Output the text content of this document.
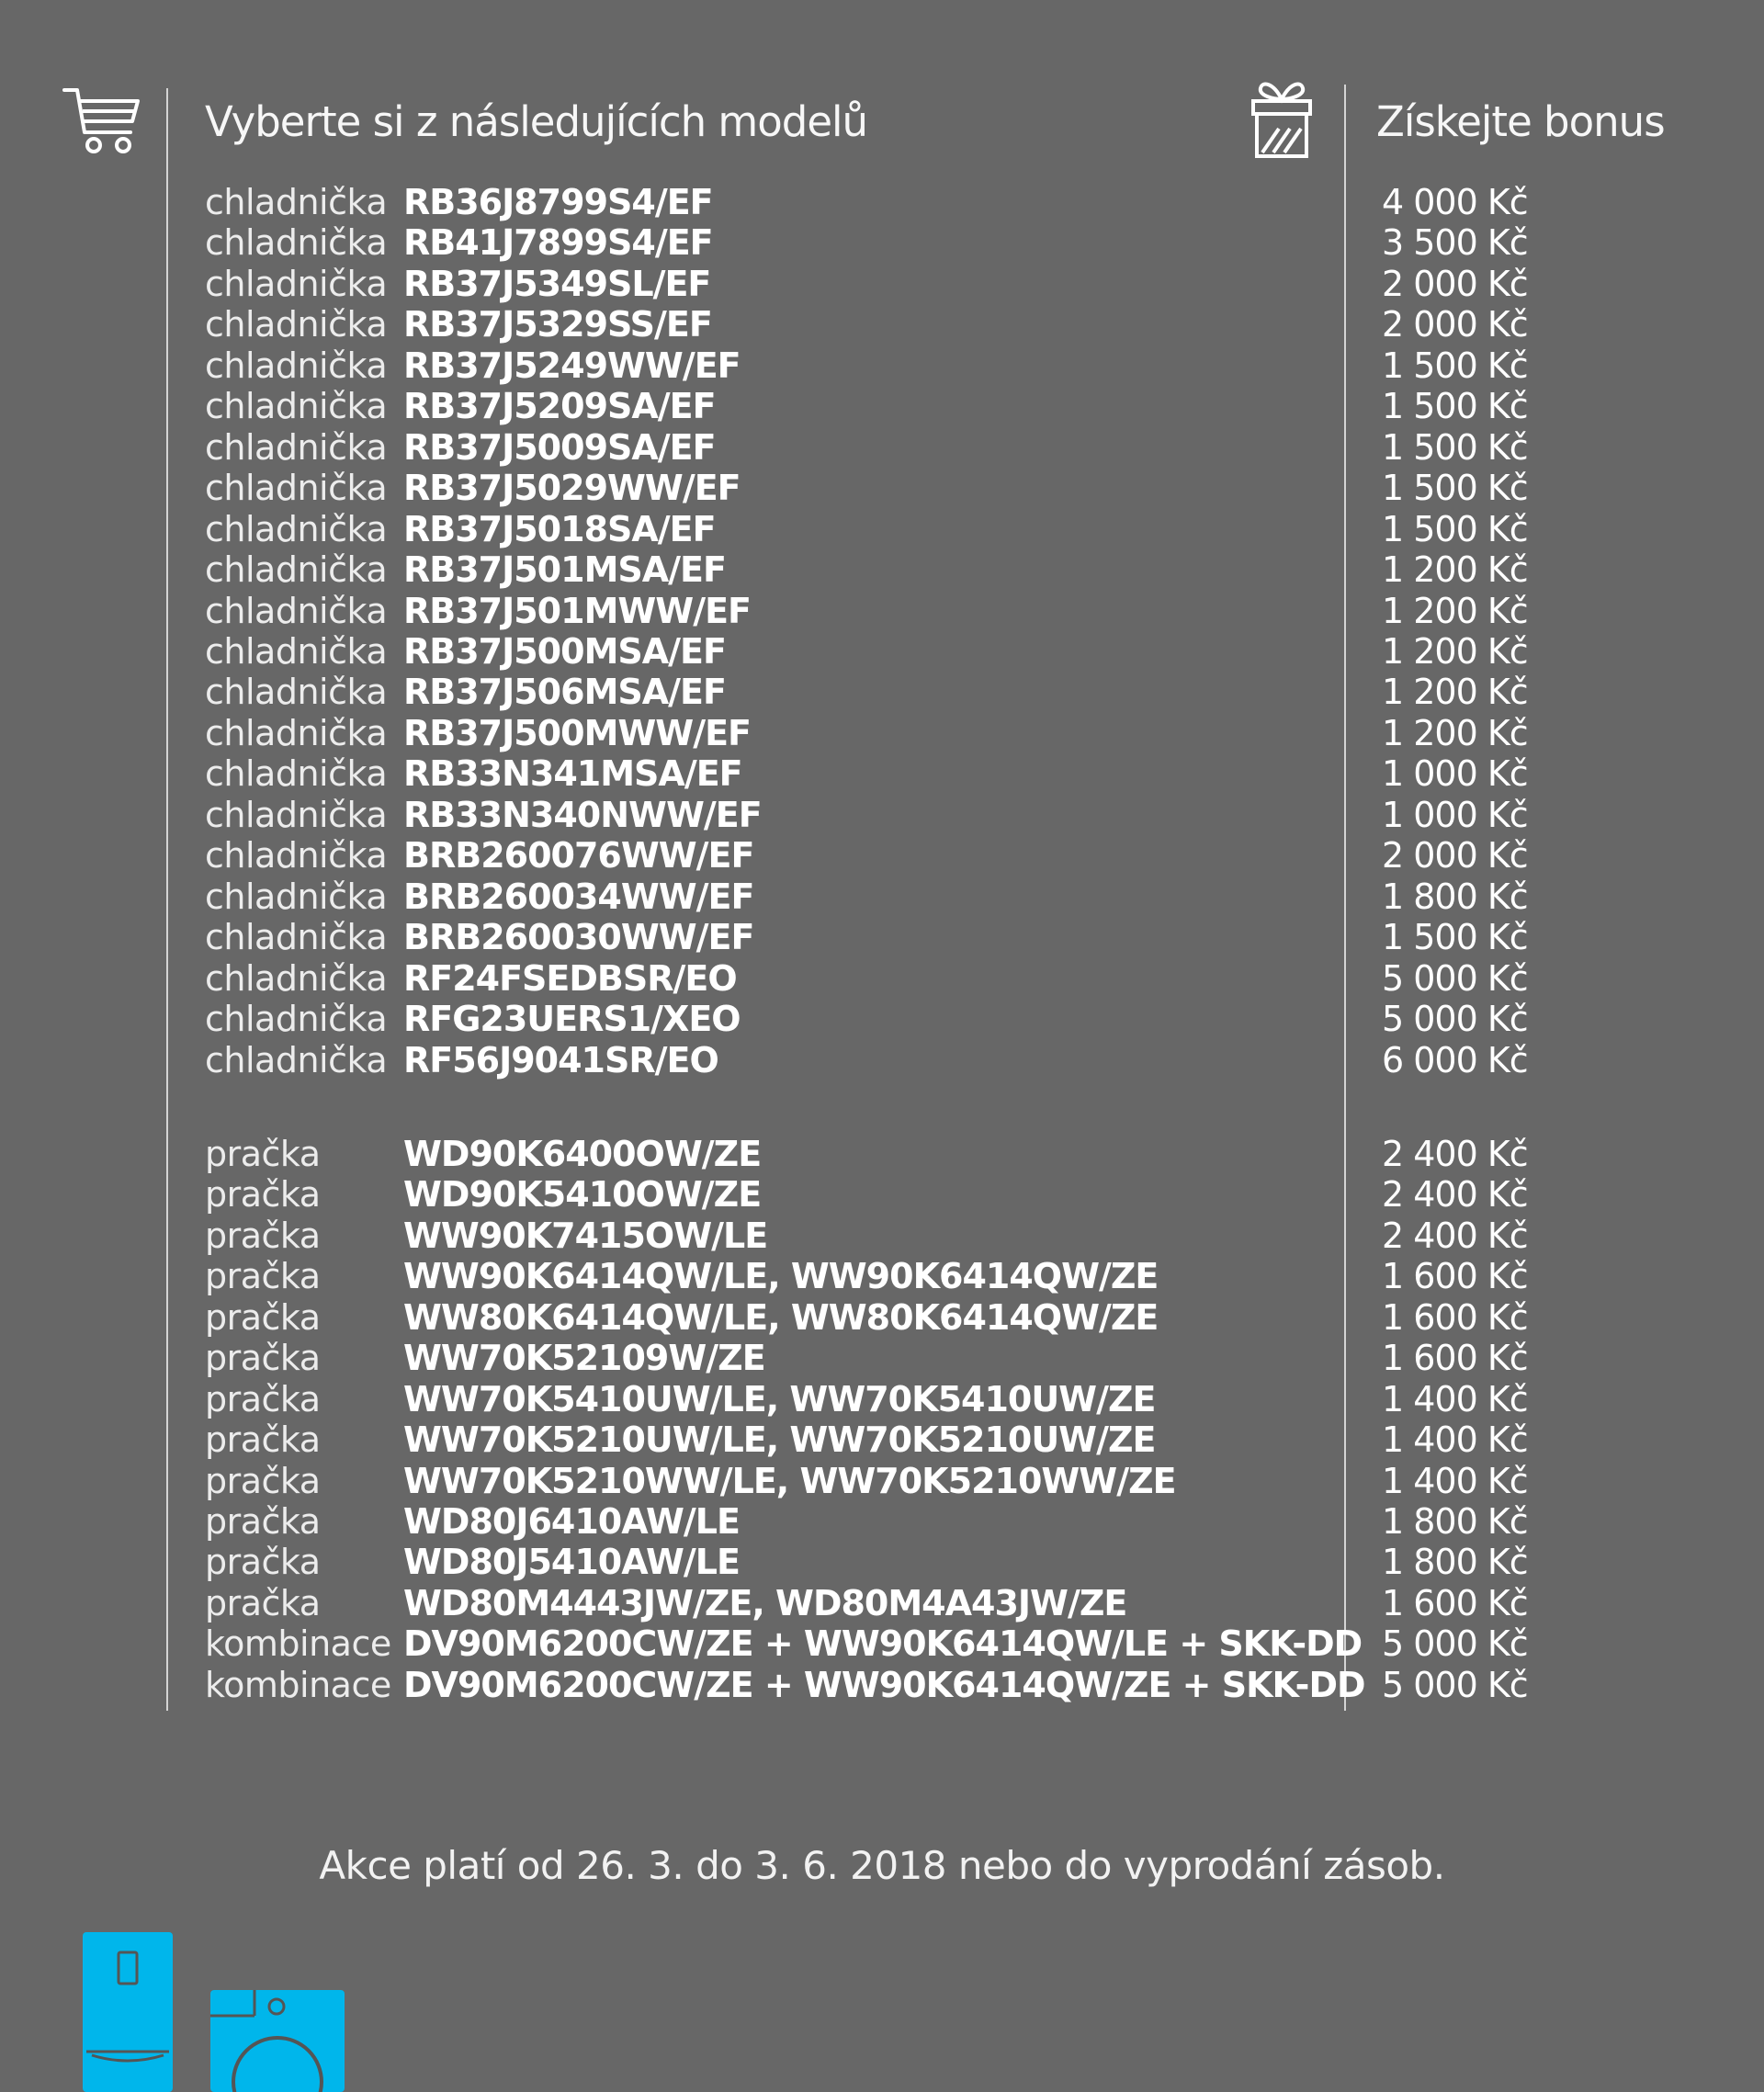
Vyberte si z následujících modelů	Získejte bonus
chladnička RB36J8799S4/EF	4 000 Kč
chladnička RB41J7899S4/EF	3 500 Kč
chladnička RB37J5349SL/EF	2 000 Kč
chladnička RB37J5329SS/EF	2 000 Kč
chladnička RB37J5249WW/EF	1 500 Kč
chladnička RB37J5209SA/EF	1 500 Kč
chladnička RB37J5009SA/EF	1 500 Kč
chladnička RB37J5029WW/EF	1 500 Kč
chladnička RB37J5018SA/EF	1 500 Kč
chladnička RB37J501MSA/EF	1 200 Kč
chladnička RB37J501MWW/EF	1 200 Kč
chladnička RB37J500MSA/EF	1 200 Kč
chladnička RB37J506MSA/EF	1 200 Kč
chladnička RB37J500MWW/EF	1 200 Kč
chladnička RB33N341MSA/EF	1 000 Kč
chladnička RB33N340NWW/EF	1 000 Kč
chladnička BRB260076WW/EF	2 000 Kč
chladnička BRB260034WW/EF	1 800 Kč
chladnička BRB260030WW/EF	1 500 Kč
chladnička RF24FSEDBSR/EO	5 000 Kč
chladnička RFG23UERS1/XEO	5 000 Kč
chladnička RF56J9041SR/EO	6 000 Kč
pračka WD90K6400OW/ZE	2 400 Kč
pračka WD90K5410OW/ZE	2 400 Kč
pračka WW90K7415OW/LE	2 400 Kč
pračka WW90K6414QW/LE, WW90K6414QW/ZE	1 600 Kč
pračka WW80K6414QW/LE, WW80K6414QW/ZE	1 600 Kč
pračka WW70K52109W/ZE	1 600 Kč
pračka WW70K5410UW/LE, WW70K5410UW/ZE	1 400 Kč
pračka WW70K5210UW/LE, WW70K5210UW/ZE	1 400 Kč
pračka WW70K5210WW/LE, WW70K5210WW/ZE	1 400 Kč
pračka WD80J6410AW/LE	1 800 Kč
pračka WD80J5410AW/LE	1 800 Kč
pračka WD80M4443JW/ZE, WD80M4A43JW/ZE	1 600 Kč
kombinace DV90M6200CW/ZE + WW90K6414QW/LE + SKK-DD 5 000 Kč
kombinace DV90M6200CW/ZE + WW90K6414QW/ZE + SKK-DD 5 000 Kč
Akce platí od 26. 3. do 3. 6. 2018 nebo do vyprodání zásob.
